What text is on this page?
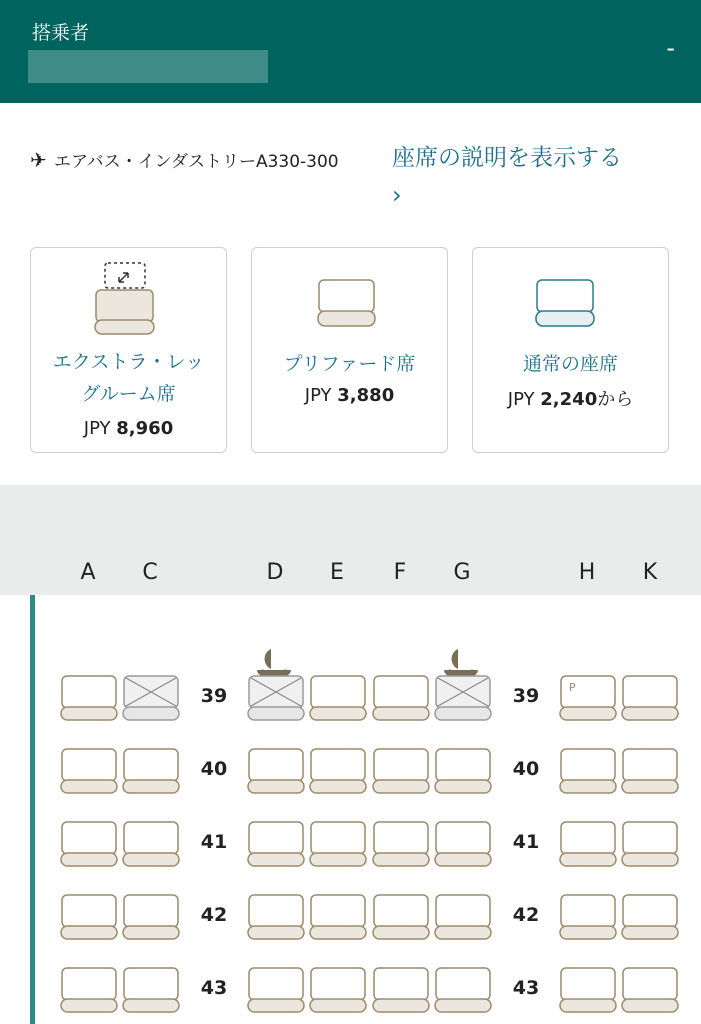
搭乗者
-
✈ エアバス・インダストリーA330-300	座席の説明を表示する
›
エクストラ・レッ
グルーム席
JPY 8,960
プリファード席
JPY 3,880
通常の座席
JPY 2,240から
A	C	D	E	F	G	H	K
39	39	P
40	40
41	41
42	42
43	43
